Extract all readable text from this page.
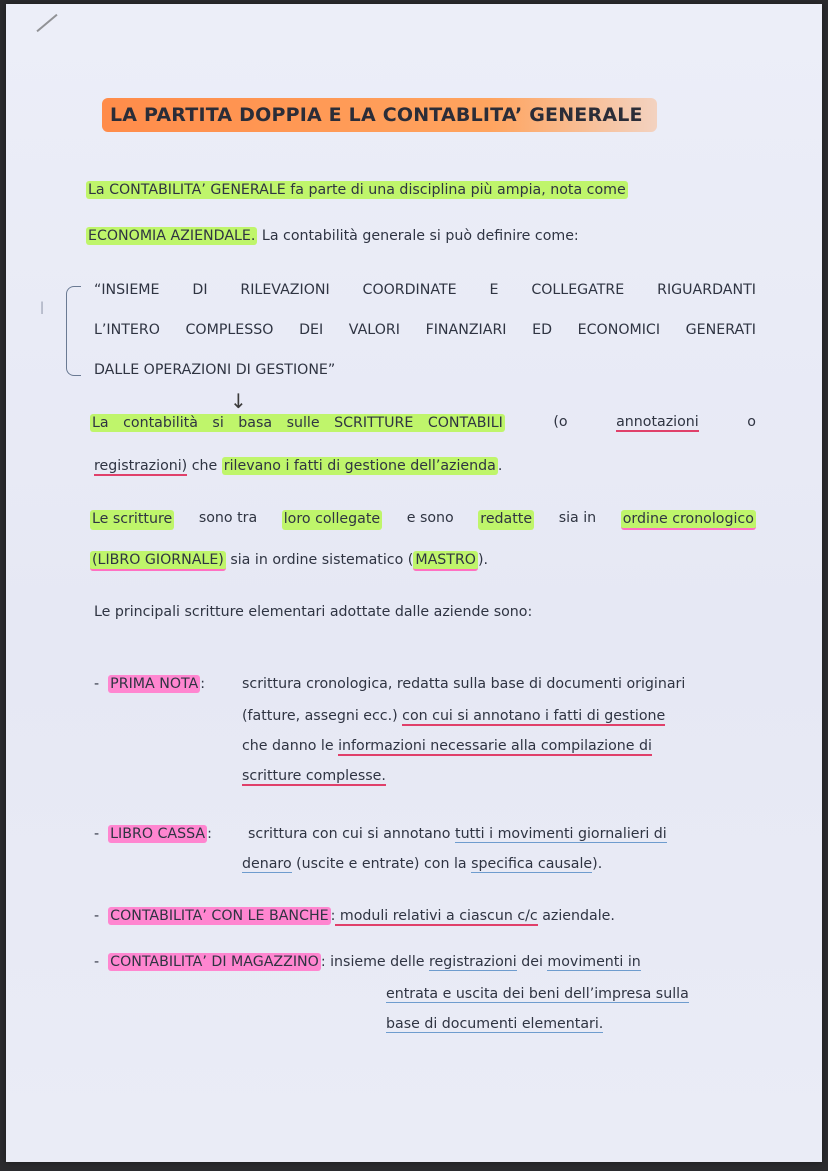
LA PARTITA DOPPIA E LA CONTABLITA’ GENERALE
La CONTABILITA’ GENERALE fa parte di una disciplina più ampia, nota come
ECONOMIA AZIENDALE. La contabilità generale si può definire come:
|
“INSIEME DI RILEVAZIONI COORDINATE E COLLEGATRE RIGUARDANTI
L’INTERO COMPLESSO DEI VALORI FINANZIARI ED ECONOMICI GENERATI
DALLE OPERAZIONI DI GESTIONE”
↓
La contabilità si basa sulle SCRITTURE CONTABILI	(o	annotazioni	o
registrazioni) che rilevano i fatti di gestione dell’azienda .
Le scritture sono tra loro collegate e sono redatte sia in ordine cronologico
(LIBRO GIORNALE) sia in ordine sistematico ( MASTRO ).
Le principali scritture elementari adottate dalle aziende sono:
- PRIMA NOTA :	scrittura cronologica, redatta sulla base di documenti originari
(fatture, assegni ecc.) con cui si annotano i fatti di gestione
che danno le informazioni necessarie alla compilazione di
scritture complesse.
- LIBRO CASSA :	scrittura con cui si annotano tutti i movimenti giornalieri di
denaro (uscite e entrate) con la specifica causale).
- CONTABILITA’ CON LE BANCHE : moduli relativi a ciascun c/c aziendale.
- CONTABILITA’ DI MAGAZZINO : insieme delle registrazioni dei movimenti in
entrata e uscita dei beni dell’impresa sulla
base di documenti elementari.
